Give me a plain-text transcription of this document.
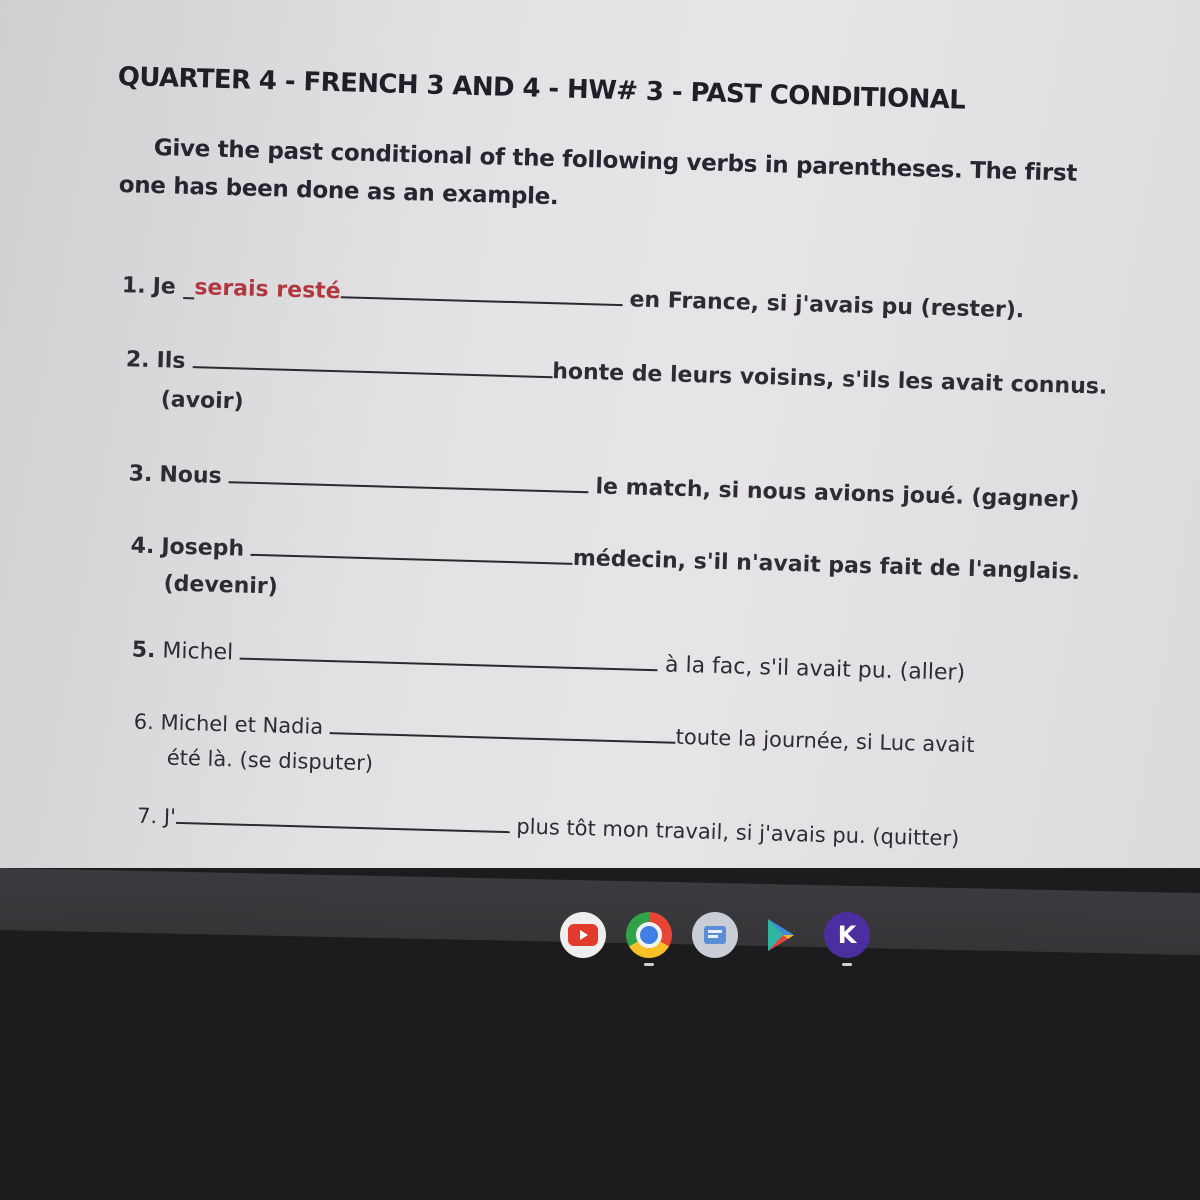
QUARTER 4 - FRENCH 3 AND 4 - HW# 3 - PAST CONDITIONAL
Give the past conditional of the following verbs in parentheses. The first one has been done as an example.
1. Je _serais resté	en France, si j'avais pu (rester).
2. Ils	honte de leurs voisins, s'ils les avait connus.
(avoir)
3. Nous	le match, si nous avions joué. (gagner)
4. Joseph	médecin, s'il n'avait pas fait de l'anglais.
(devenir)
5. Michel  à la fac, s'il avait pu. (aller)
6. Michel et Nadia toute la journée, si Luc avait
été là. (se disputer)
7. J'	plus tôt mon travail, si j'avais pu. (quitter)
K
